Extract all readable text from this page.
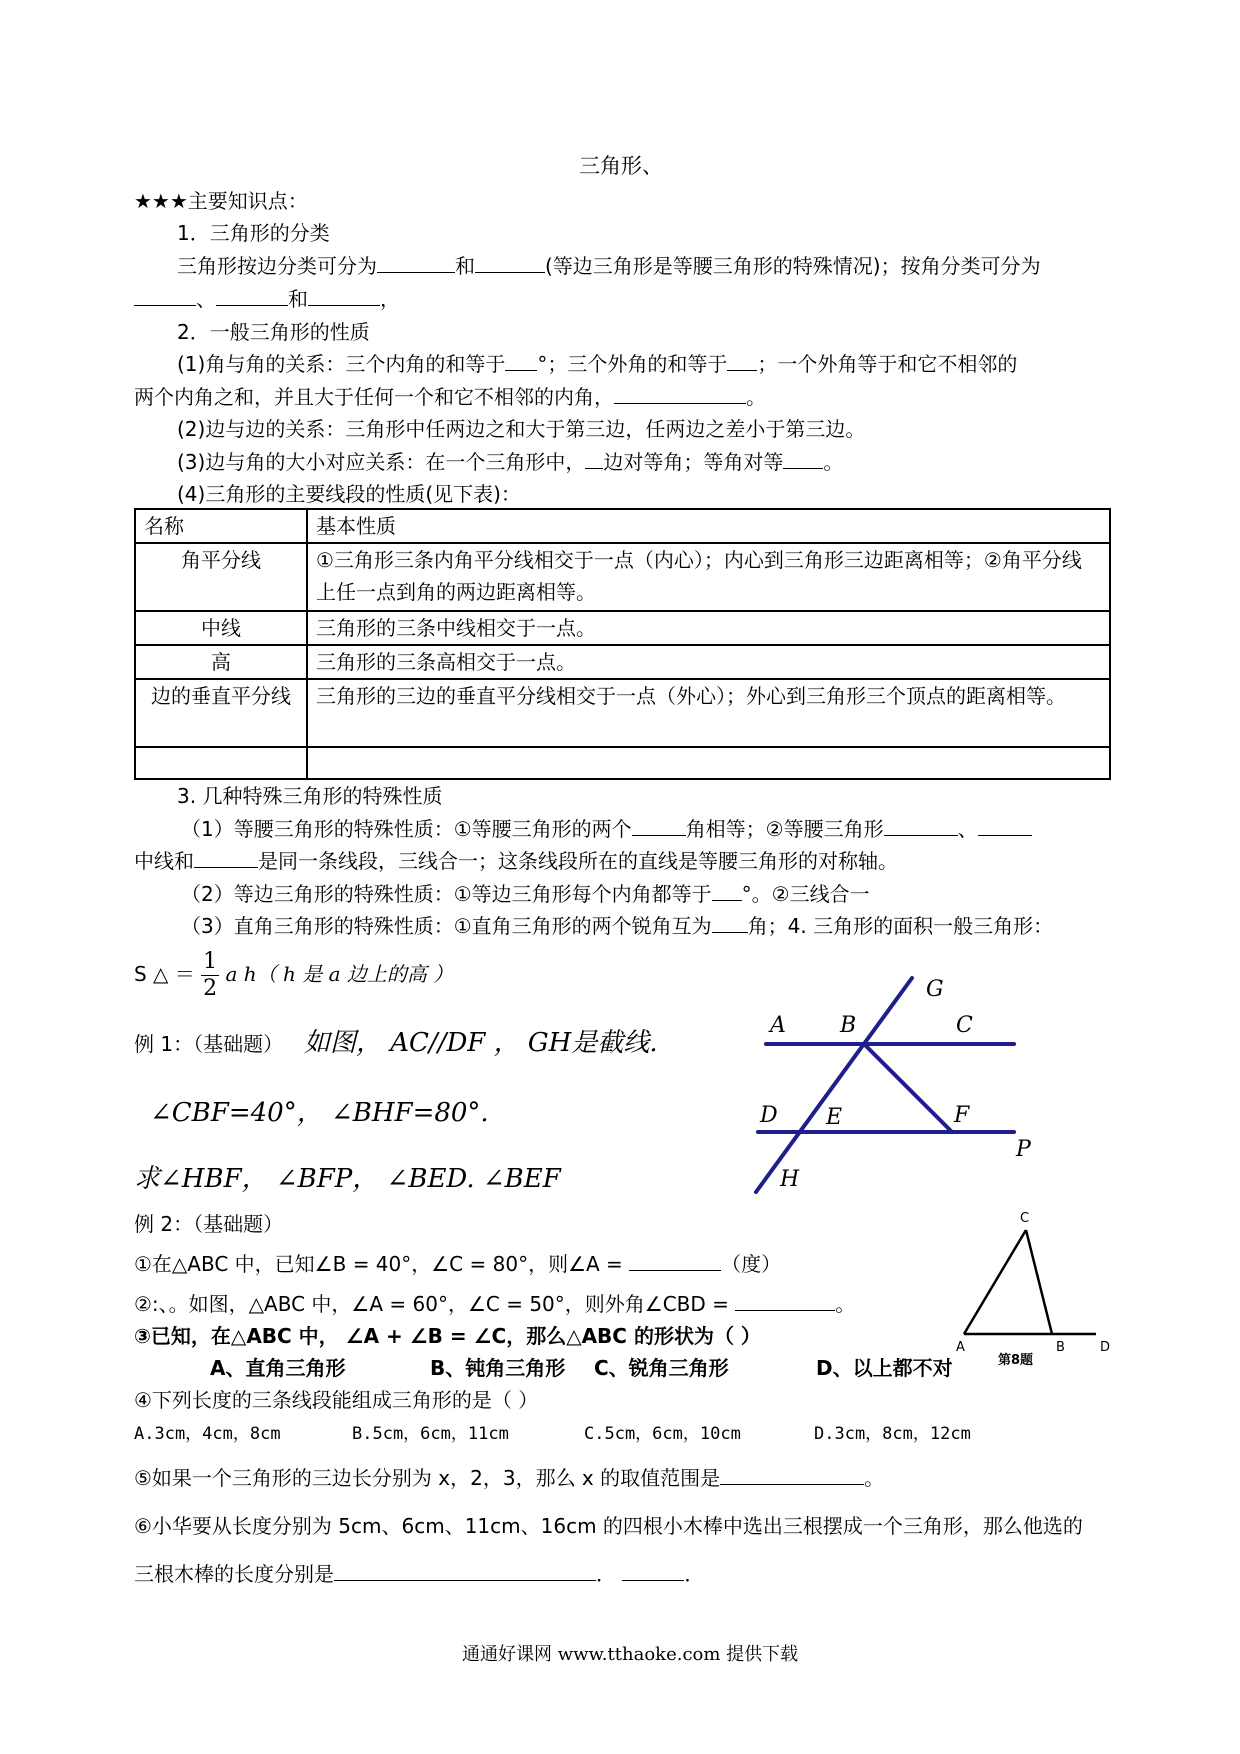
三角形、
★★★主要知识点：
1．三角形的分类
三角形按边分类可分为	和	(等边三角形是等腰三角形的特殊情况)；按角分类可分为
、	和	，
2．一般三角形的性质
(1)角与角的关系：三个内角的和等于 °；三个外角的和等于 ；一个外角等于和它不相邻的
两个内角之和，并且大于任何一个和它不相邻的内角，	。
(2)边与边的关系：三角形中任两边之和大于第三边，任两边之差小于第三边。
(3)边与角的大小对应关系：在一个三角形中， 边对等角；等角对等 。
(4)三角形的主要线段的性质(见下表)：
名称	基本性质
角平分线	①三角形三条内角平分线相交于一点（内心）；内心到三角形三边距离相等；②角平分线上任一点到角的两边距离相等。
中线	三角形的三条中线相交于一点。
高	三角形的三条高相交于一点。
边的垂直平分线	三角形的三边的垂直平分线相交于一点（外心）；外心到三角形三个顶点的距离相等。

3. 几种特殊三角形的特殊性质
（1）等腰三角形的特殊性质：①等腰三角形的两个	角相等；②等腰三角形	、
中线和	是同一条线段，三线合一；这条线段所在的直线是等腰三角形的对称轴。
（2）等边三角形的特殊性质：①等边三角形每个内角都等于 °。②三线合一
（3）直角三角形的特殊性质：①直角三角形的两个锐角互为 角；4. 三角形的面积一般三角形：
S △ ＝ $\frac{1}{2}$ a h（ h 是 a 边上的高 ）
例 1：（基础题） 如图， AC//DF ， GH是截线.
∠CBF=40°， ∠BHF=80°.
求∠HBF， ∠BFP， ∠BED. ∠BEF
G
A B	C
D E	F
P
H
例 2：（基础题）
①在△ABC 中，已知∠B = 40°，∠C = 80°，则∠A =	（度）
②:、。如图，△ABC 中，∠A = 60°，∠C = 50°，则外角∠CBD =	。
③已知，在△ABC 中， ∠A + ∠B = ∠C，那么△ABC 的形状为（ ）
A、直角三角形	B、钝角三角形 C、锐角三角形	D、以上都不对
④下列长度的三条线段能组成三角形的是（ ）
A.3cm，4cm，8cm	B.5cm，6cm，11cm	C.5cm，6cm，10cm	D.3cm，8cm，12cm
⑤如果一个三角形的三边长分别为 x，2，3，那么 x 的取值范围是	。
⑥小华要从长度分别为 5cm、6cm、11cm、16cm 的四根小木棒中选出三根摆成一个三角形，那么他选的
三根木棒的长度分别是	．	．
C
A	B	D
第8题
通通好课网 www.tthaoke.com 提供下载
